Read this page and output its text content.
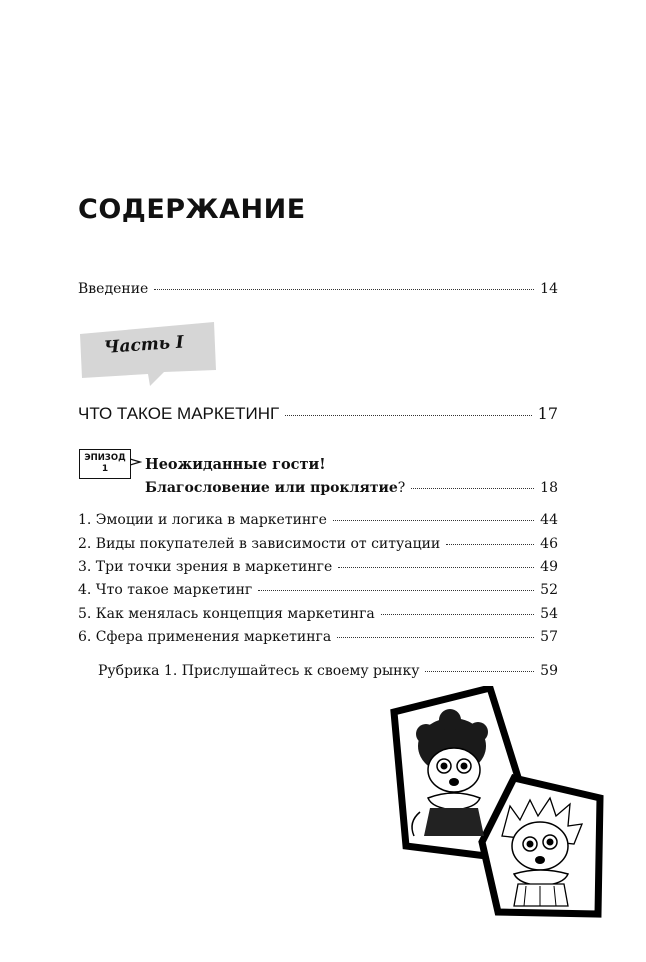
СОДЕРЖАНИЕ
Введение	14
Часть I
ЧТО ТАКОЕ МАРКЕТИНГ	17
ЭПИЗОД
1	Неожиданные гости!
Благословение или проклятие?	18
1. Эмоции и логика в маркетинге	44
2. Виды покупателей в зависимости от ситуации	46
3. Три точки зрения в маркетинге	49
4. Что такое маркетинг	52
5. Как менялась концепция маркетинга	54
6. Сфера применения маркетинга	57
Рубрика 1. Прислушайтесь к своему рынку	59
